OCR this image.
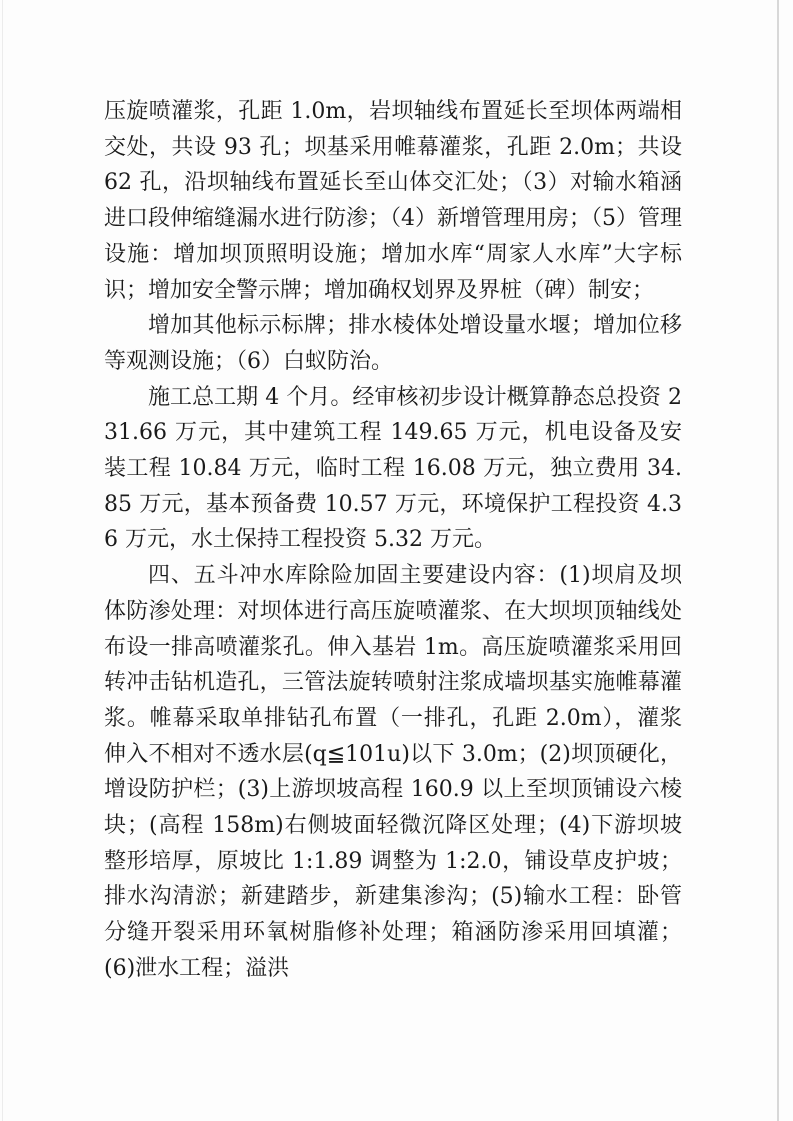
压旋喷灌浆，孔距 1.0m，岩坝轴线布置延长至坝体两端相交处，共设 93 孔；坝基采用帷幕灌浆，孔距 2.0m；共设 62 孔，沿坝轴线布置延长至山体交汇处；（3）对输水箱涵进口段伸缩缝漏水进行防渗；（4）新增管理用房；（5）管理设施：增加坝顶照明设施；增加水库“周家人水库”大字标识；增加安全警示牌；增加确权划界及界桩（碑）制安；

增加其他标示标牌；排水棱体处增设量水堰；增加位移等观测设施；（6）白蚁防治。

施工总工期 4 个月。经审核初步设计概算静态总投资 231.66 万元，其中建筑工程 149.65 万元，机电设备及安装工程 10.84 万元，临时工程 16.08 万元，独立费用 34.85 万元，基本预备费 10.57 万元，环境保护工程投资 4.36 万元，水土保持工程投资 5.32 万元。

四、五斗冲水库除险加固主要建设内容：(1)坝肩及坝体防渗处理：对坝体进行高压旋喷灌浆、在大坝坝顶轴线处布设一排高喷灌浆孔。伸入基岩 1m。高压旋喷灌浆采用回转冲击钻机造孔，三管法旋转喷射注浆成墙坝基实施帷幕灌浆。帷幕采取单排钻孔布置（一排孔，孔距 2.0m），灌浆伸入不相对不透水层(q≦101u)以下 3.0m；(2)坝顶硬化，增设防护栏；(3)上游坝坡高程 160.9 以上至坝顶铺设六棱块；(高程 158m)右侧坡面轻微沉降区处理；(4)下游坝坡整形培厚，原坡比 1:1.89 调整为 1:2.0，铺设草皮护坡；排水沟清淤；新建踏步，新建集渗沟；(5)输水工程：卧管分缝开裂采用环氧树脂修补处理；箱涵防渗采用回填灌；(6)泄水工程；溢洪
